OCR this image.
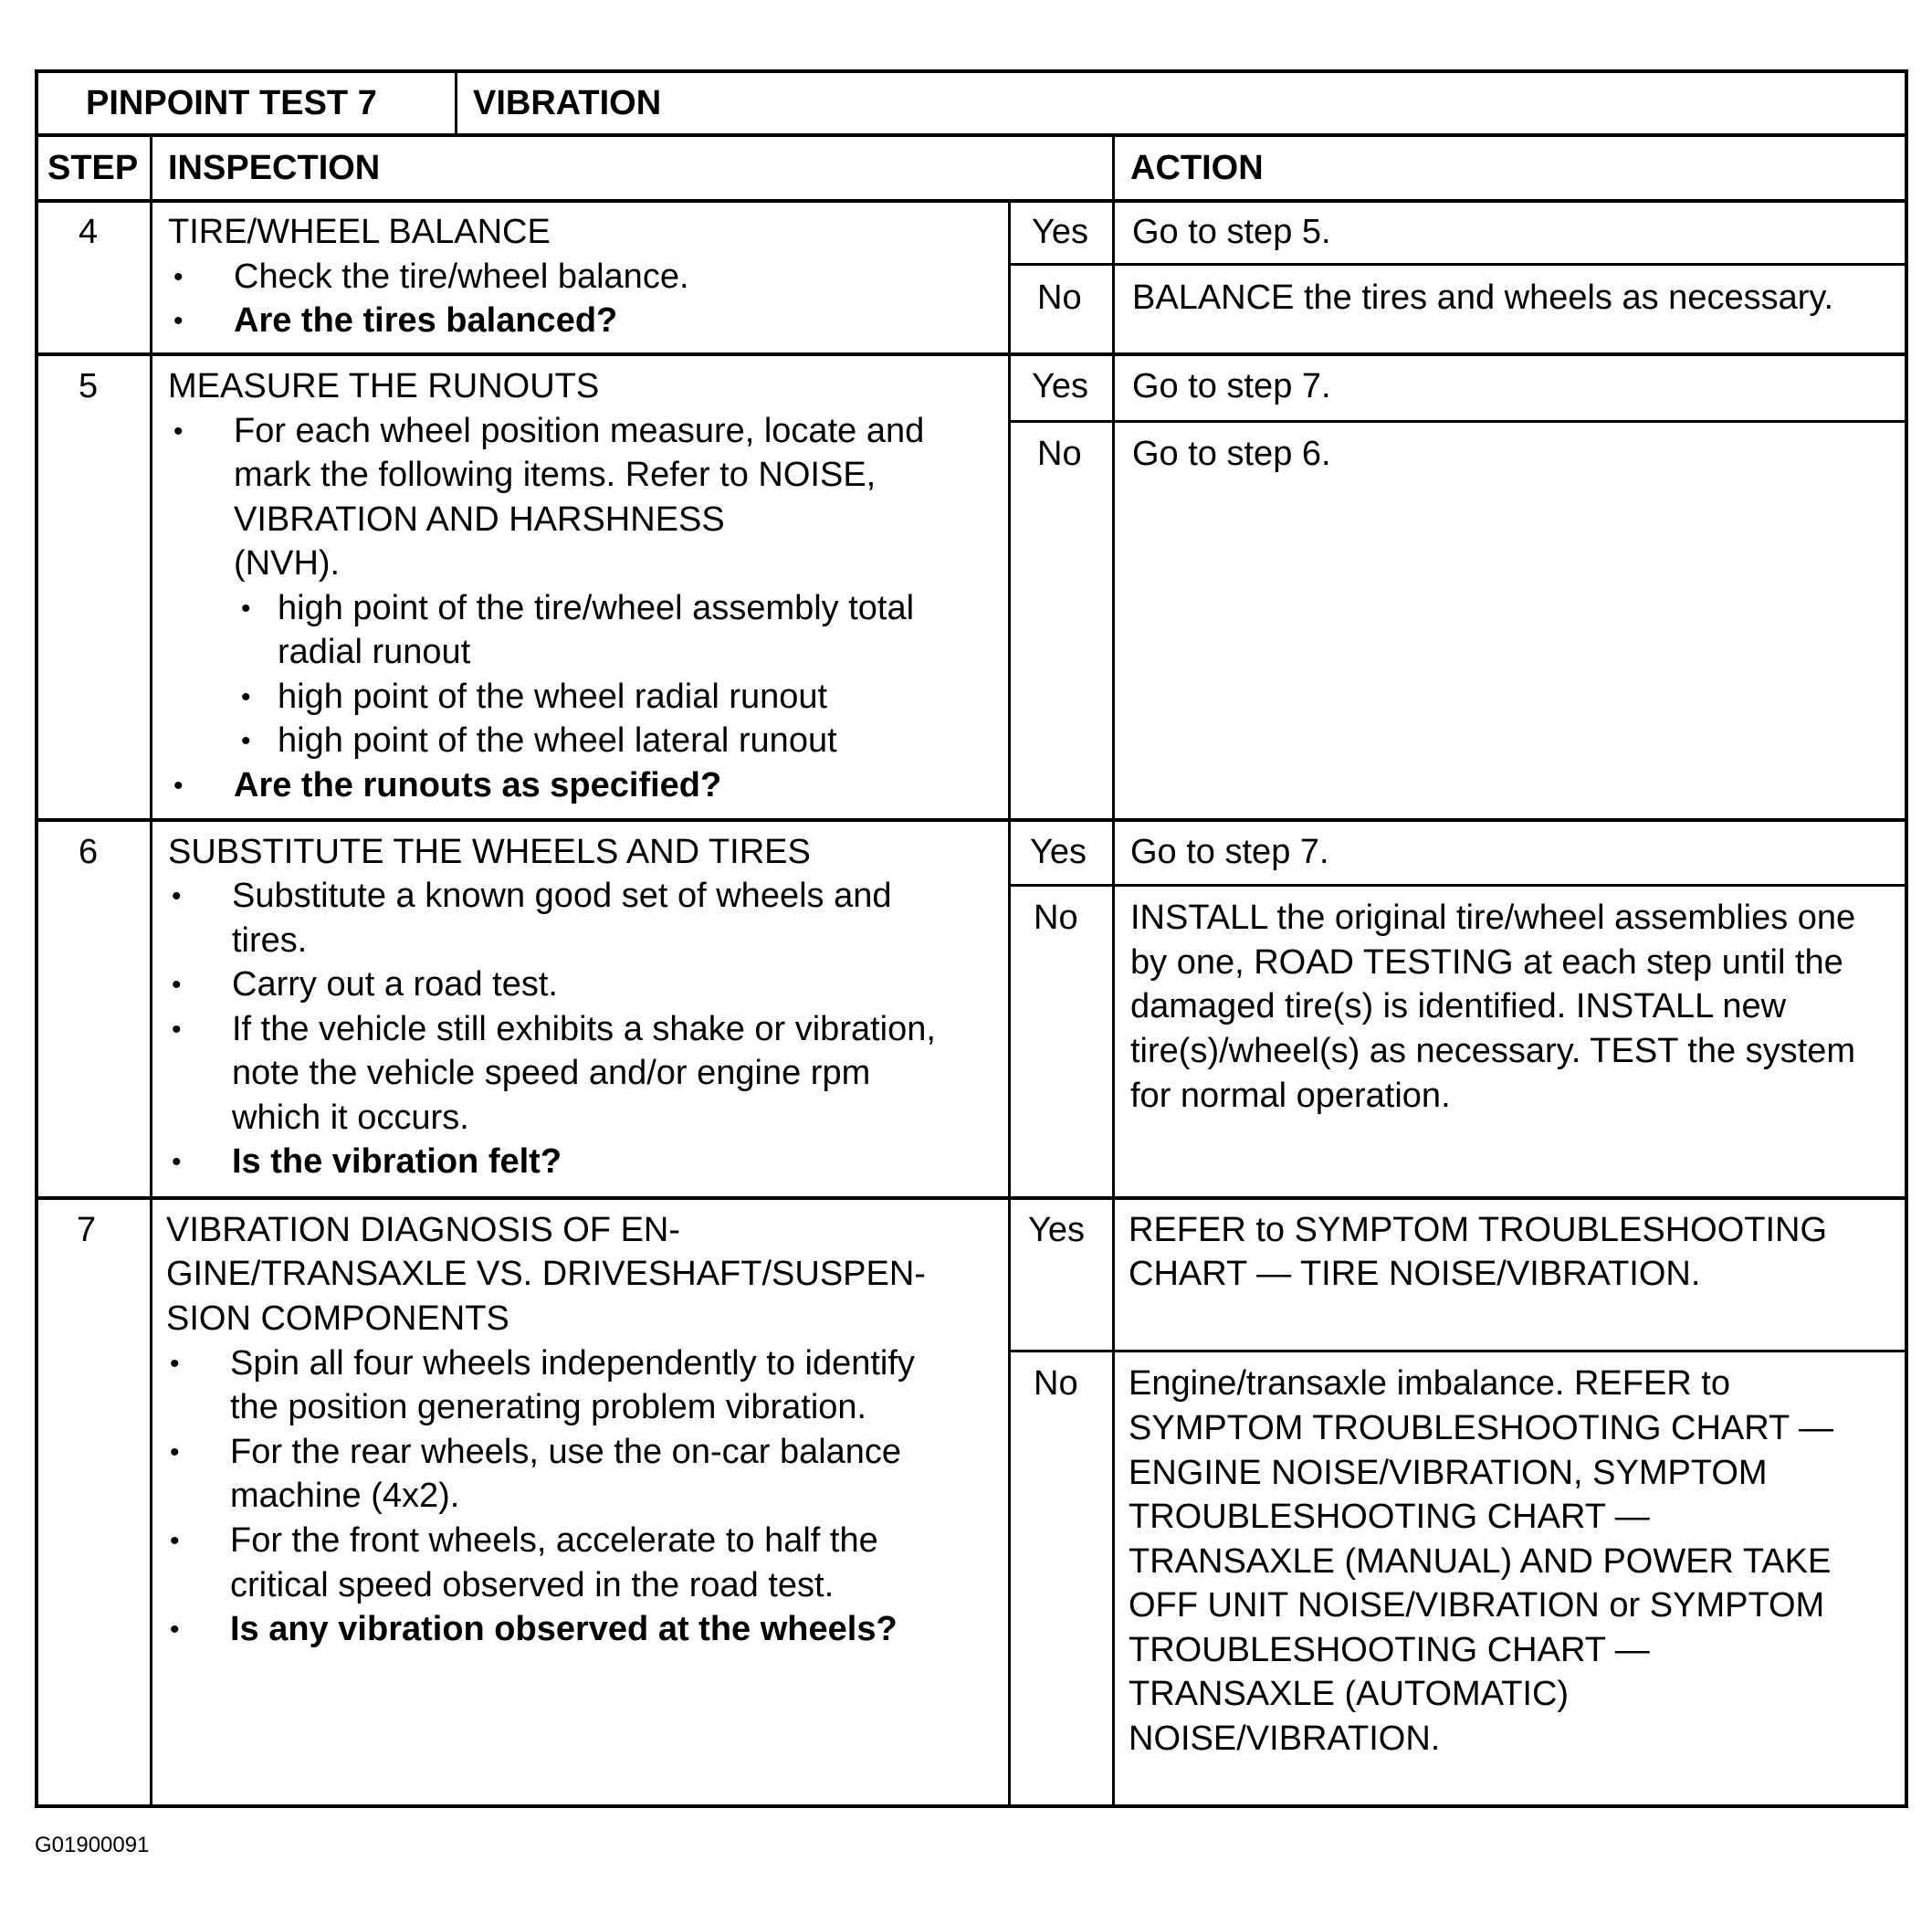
PINPOINT TEST 7	VIBRATION
STEP INSPECTION	ACTION
4 TIRE/WHEEL BALANCE
• Check the tire/wheel balance.
• Are the tires balanced?
Yes Go to step 5.
No BALANCE the tires and wheels as necessary.
5 MEASURE THE RUNOUTS
• For each wheel position measure, locate and
mark the following items. Refer to NOISE,
VIBRATION AND HARSHNESS
(NVH).
• high point of the tire/wheel assembly total
radial runout
• high point of the wheel radial runout
• high point of the wheel lateral runout
• Are the runouts as specified?
Yes Go to step 7.
No Go to step 6.
6 SUBSTITUTE THE WHEELS AND TIRES
• Substitute a known good set of wheels and
tires.
• Carry out a road test.
• If the vehicle still exhibits a shake or vibration,
note the vehicle speed and/or engine rpm
which it occurs.
• Is the vibration felt?
Yes Go to step 7.
No INSTALL the original tire/wheel assemblies one
by one, ROAD TESTING at each step until the
damaged tire(s) is identified. INSTALL new
tire(s)/wheel(s) as necessary. TEST the system
for normal operation.
7 VIBRATION DIAGNOSIS OF EN-
GINE/TRANSAXLE VS. DRIVESHAFT/SUSPEN-
SION COMPONENTS
• Spin all four wheels independently to identify
the position generating problem vibration.
• For the rear wheels, use the on-car balance
machine (4x2).
• For the front wheels, accelerate to half the
critical speed observed in the road test.
• Is any vibration observed at the wheels?
Yes REFER to SYMPTOM TROUBLESHOOTING
CHART — TIRE NOISE/VIBRATION.
No Engine/transaxle imbalance. REFER to
SYMPTOM TROUBLESHOOTING CHART —
ENGINE NOISE/VIBRATION, SYMPTOM
TROUBLESHOOTING CHART —
TRANSAXLE (MANUAL) AND POWER TAKE
OFF UNIT NOISE/VIBRATION or SYMPTOM
TROUBLESHOOTING CHART —
TRANSAXLE (AUTOMATIC)
NOISE/VIBRATION.
G01900091
